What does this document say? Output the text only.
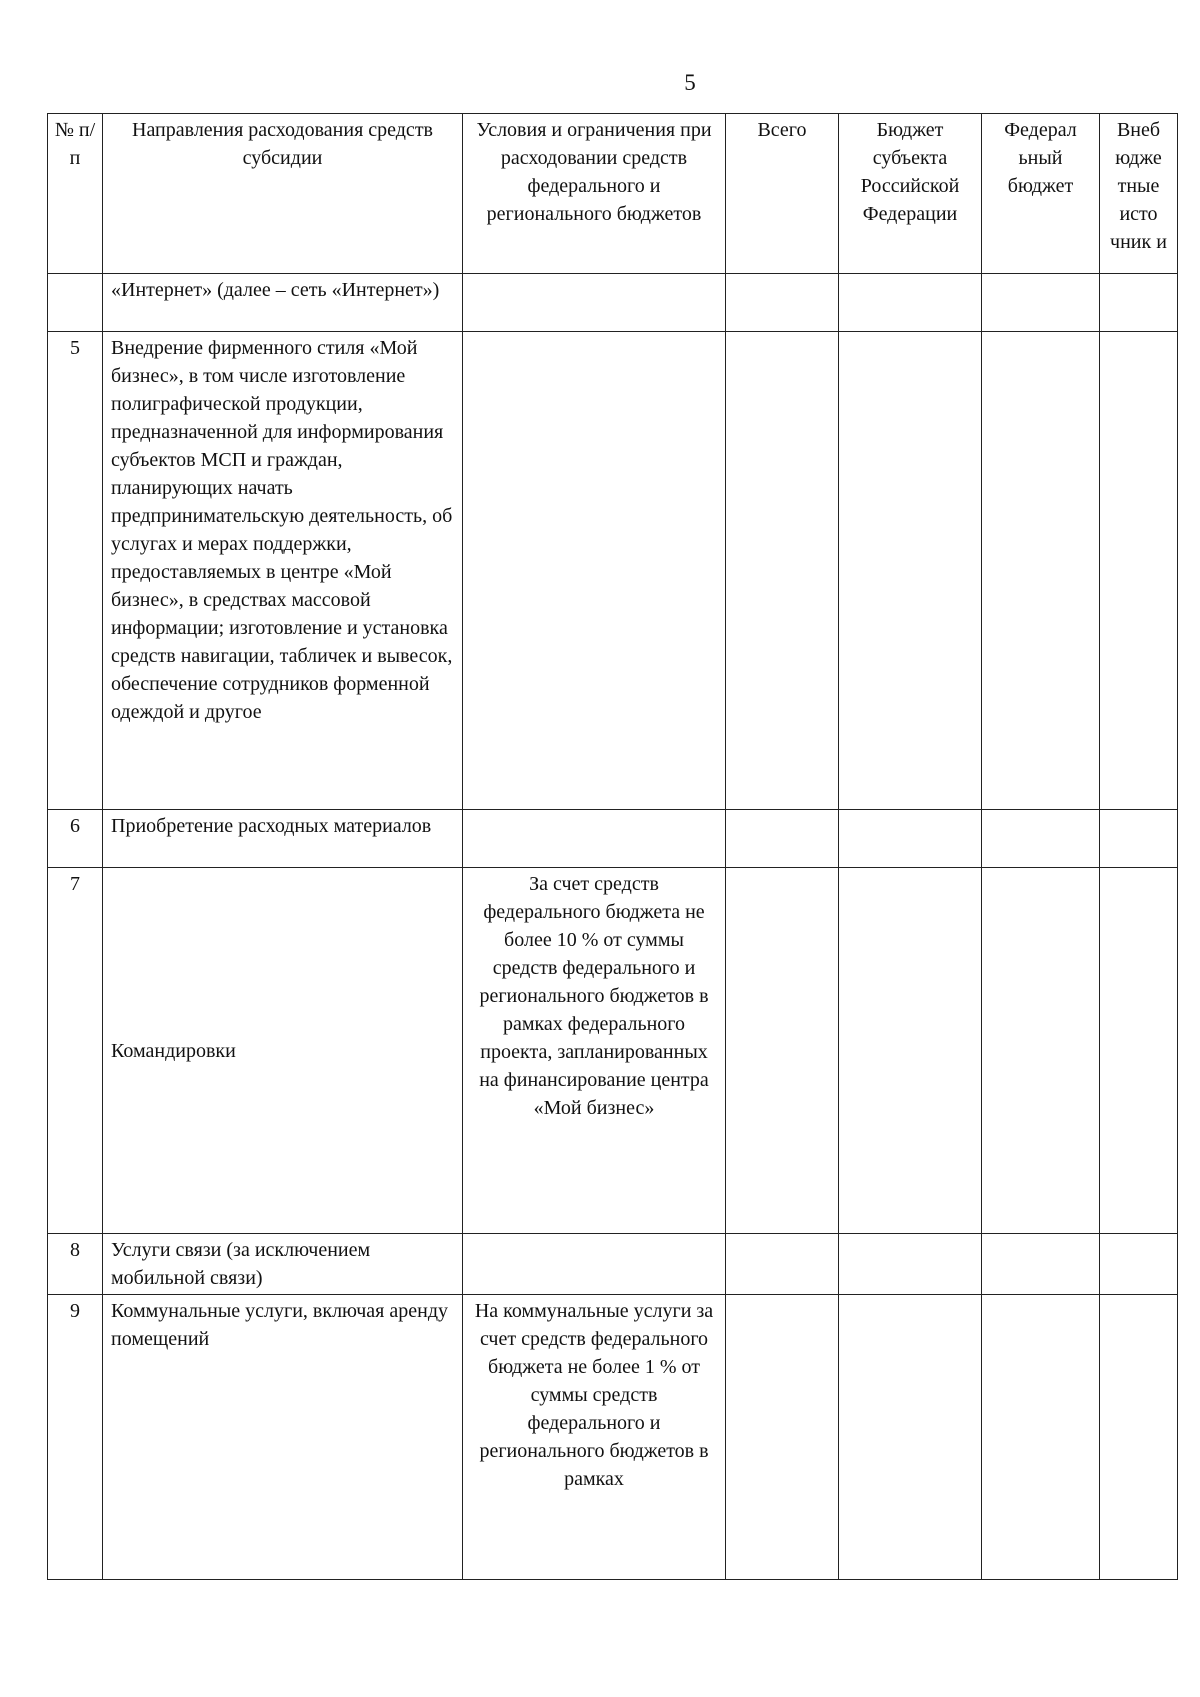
5
№ п/ п	Направления расходования средств субсидии	Условия и ограничения при расходовании средств федерального и регионального бюджетов	Всего	Бюджет субъекта Российской Федерации	Федерал ьный бюджет	Внеб юдже тные исто чник и
	«Интернет» (далее – сеть «Интернет»)					
5	Внедрение фирменного стиля «Мой бизнес», в том числе изготовление полиграфической продукции, предназначенной для информирования субъектов МСП и граждан, планирующих начать предпринимательскую деятельность, об услугах и мерах поддержки, предоставляемых в центре «Мой бизнес», в средствах массовой информации; изготовление и установка средств навигации, табличек и вывесок, обеспечение сотрудников форменной одеждой и другое					
6	Приобретение расходных материалов					
7	Командировки	За счет средств федерального бюджета не более 10 % от суммы средств федерального и регионального бюджетов в рамках федерального проекта, запланированных на финансирование центра «Мой бизнес»				
8	Услуги связи (за исключением мобильной связи)					
9	Коммунальные услуги, включая аренду помещений	На коммунальные услуги за счет средств федерального бюджета не более 1 % от суммы средств федерального и регионального бюджетов в рамках				
